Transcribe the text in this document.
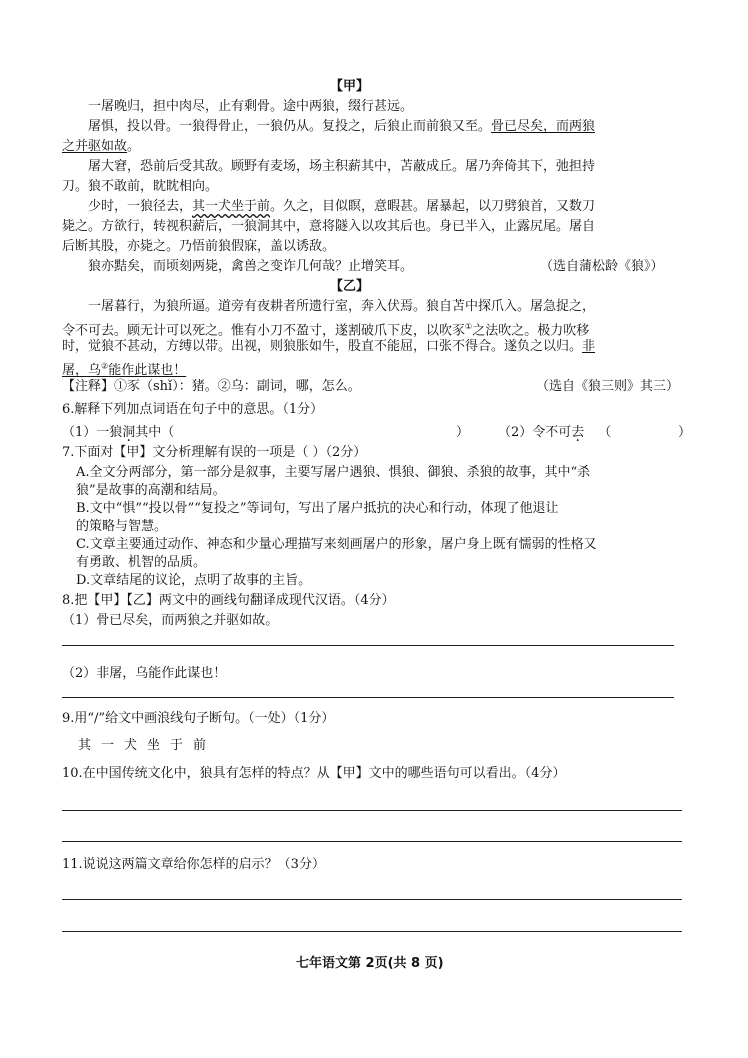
【甲】
一屠晚归，担中肉尽，止有剩骨。途中两狼，缀行甚远。
屠惧，投以骨。一狼得骨止，一狼仍从。复投之，后狼止而前狼又至。骨已尽矣，而两狼
之并驱如故。
屠大窘，恐前后受其敌。顾野有麦场，场主积薪其中，苫蔽成丘。屠乃奔倚其下，弛担持
刀。狼不敢前，眈眈相向。
少时，一狼径去，其一犬坐于前。久之，目似瞑，意暇甚。屠暴起，以刀劈狼首，又数刀
毙之。方欲行，转视积薪后，一狼洞其中，意将隧入以攻其后也。身已半入，止露尻尾。屠自
后断其股，亦毙之。乃悟前狼假寐，盖以诱敌。
狼亦黠矣，而顷刻两毙，禽兽之变诈几何哉？止增笑耳。	（选自蒲松龄《狼》）
【乙】
一屠暮行，为狼所逼。道旁有夜耕者所遗行室，奔入伏焉。狼自苫中探爪入。屠急捉之，
令不可去。顾无计可以死之。惟有小刀不盈寸，遂割破爪下皮，以吹豕①之法吹之。极力吹移
时，觉狼不甚动，方缚以带。出视，则狼胀如牛，股直不能屈，口张不得合。遂负之以归。非
屠，乌②能作此谋也！
【注释】①豕（shǐ）：猪。②乌：副词，哪，怎么。	（选自《狼三则》其三）
6.解释下列加点词语在句子中的意思。（1分）
（1）一狼洞其中（	） （2）令不可去 （	）
7.下面对【甲】文分析理解有误的一项是（ ）（2分）
A.全文分两部分，第一部分是叙事，主要写屠户遇狼、惧狼、御狼、杀狼的故事，其中“杀
狼”是故事的高潮和结局。
B.文中“惧”“投以骨”“复投之”等词句，写出了屠户抵抗的决心和行动，体现了他退让
的策略与智慧。
C.文章主要通过动作、神态和少量心理描写来刻画屠户的形象，屠户身上既有懦弱的性格又
有勇敢、机智的品质。
D.文章结尾的议论，点明了故事的主旨。
8.把【甲】【乙】两文中的画线句翻译成现代汉语。（4分）
（1）骨已尽矣，而两狼之并驱如故。
（2）非屠，乌能作此谋也！
9.用“/”给文中画浪线句子断句。（一处）（1分）
其一犬坐于前
10.在中国传统文化中，狼具有怎样的特点？从【甲】文中的哪些语句可以看出。（4分）
11.说说这两篇文章给你怎样的启示？（3分）
七年语文第 2页(共 8 页)
